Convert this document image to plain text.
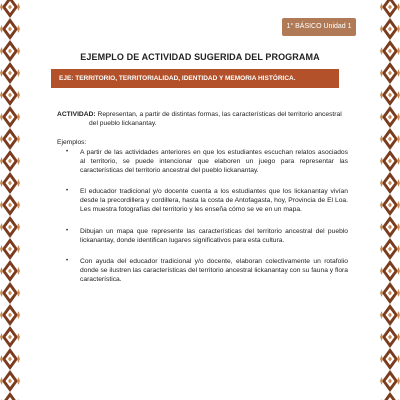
1° BÁSICO Unidad 1
EJEMPLO DE ACTIVIDAD SUGERIDA DEL PROGRAMA
EJE: TERRITORIO, TERRITORIALIDAD, IDENTIDAD Y MEMORIA HISTÓRICA.
ACTIVIDAD: Representan, a partir de distintas formas, las características del territorio ancestral
del pueblo lickanantay.
Ejemplos:
• A partir de las actividades anteriores en que los estudiantes escuchan relatos asociados al territorio, se puede intencionar que elaboren un juego para representar las características del territorio ancestral del pueblo lickanantay.
• El educador tradicional y/o docente cuenta a los estudiantes que los lickanantay vivían desde la precordillera y cordillera, hasta la costa de Antofagasta, hoy, Provincia de El Loa. Les muestra fotografías del territorio y les enseña cómo se ve en un mapa.
• Dibujan un mapa que represente las características del territorio ancestral del pueblo lickanantay, donde identifican lugares significativos para esta cultura.
• Con ayuda del educador tradicional y/o docente, elaboran colectivamente un rotafolio donde se ilustren las características del territorio ancestral lickanantay con su fauna y flora característica.
